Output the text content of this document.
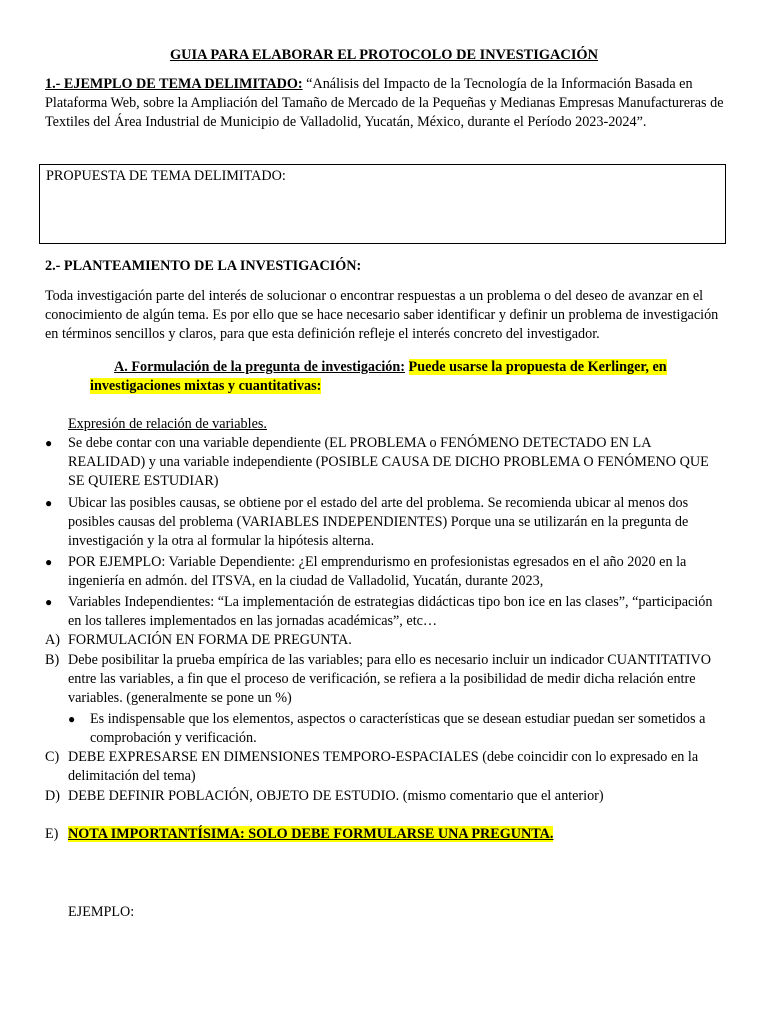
GUIA PARA ELABORAR EL PROTOCOLO DE INVESTIGACIÓN
1.- EJEMPLO DE TEMA DELIMITADO: “Análisis del Impacto de la Tecnología de la Información Basada en Plataforma Web, sobre la Ampliación del Tamaño de Mercado de la Pequeñas y Medianas Empresas Manufactureras de Textiles del Área Industrial de Municipio de Valladolid, Yucatán, México, durante el Período 2023-2024”.
PROPUESTA DE TEMA DELIMITADO:
2.- PLANTEAMIENTO DE LA INVESTIGACIÓN:
Toda investigación parte del interés de solucionar o encontrar respuestas a un problema o del deseo de avanzar en el conocimiento de algún tema. Es por ello que se hace necesario saber identificar y definir un problema de investigación en términos sencillos y claros, para que esta definición refleje el interés concreto del investigador.
A. Formulación de la pregunta de investigación: Puede usarse la propuesta de Kerlinger, en investigaciones mixtas y cuantitativas:
Expresión de relación de variables.
●	Se debe contar con una variable dependiente (EL PROBLEMA o FENÓMENO DETECTADO EN LA REALIDAD) y una variable independiente (POSIBLE CAUSA DE DICHO PROBLEMA O FENÓMENO QUE SE QUIERE ESTUDIAR)
●	Ubicar las posibles causas, se obtiene por el estado del arte del problema. Se recomienda ubicar al menos dos posibles causas del problema (VARIABLES INDEPENDIENTES) Porque una se utilizarán en la pregunta de investigación y la otra al formular la hipótesis alterna.
●	POR EJEMPLO: Variable Dependiente: ¿El emprendurismo en profesionistas egresados en el año 2020 en la ingeniería en admón. del ITSVA, en la ciudad de Valladolid, Yucatán, durante 2023,
●	Variables Independientes: “La implementación de estrategias didácticas tipo bon ice en las clases”, “participación en los talleres implementados en las jornadas académicas”, etc…
A) FORMULACIÓN EN FORMA DE PREGUNTA.
B) Debe posibilitar la prueba empírica de las variables; para ello es necesario incluir un indicador CUANTITATIVO entre las variables, a fin que el proceso de verificación, se refiera a la posibilidad de medir dicha relación entre variables. (generalmente se pone un %)
● Es indispensable que los elementos, aspectos o características que se desean estudiar puedan ser sometidos a comprobación y verificación.
C) DEBE EXPRESARSE EN DIMENSIONES TEMPORO-ESPACIALES (debe coincidir con lo expresado en la delimitación del tema)
D) DEBE DEFINIR POBLACIÓN, OBJETO DE ESTUDIO. (mismo comentario que el anterior)
E) NOTA IMPORTANTÍSIMA: SOLO DEBE FORMULARSE UNA PREGUNTA.
EJEMPLO:
